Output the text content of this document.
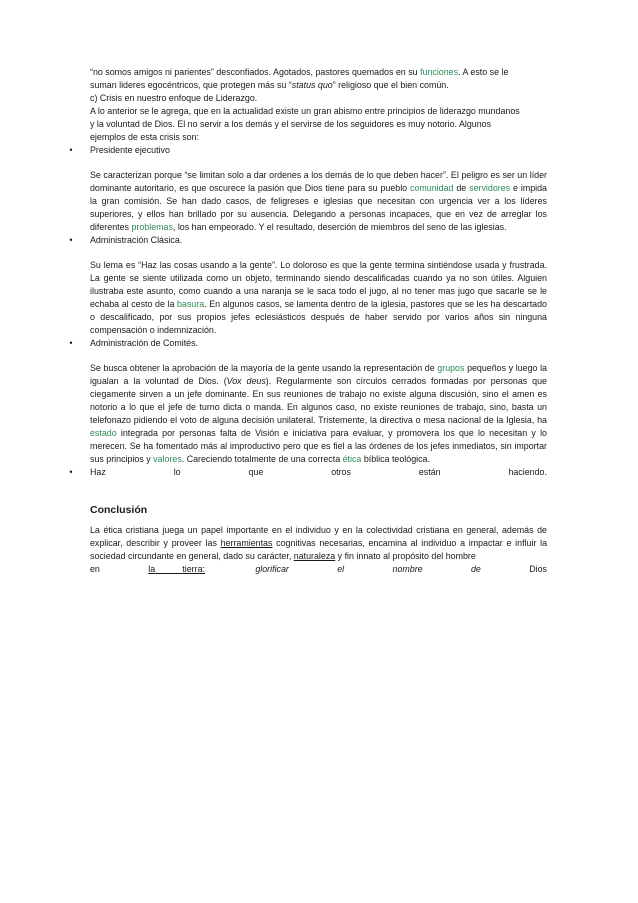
“no somos amigos ni parientes” desconfiados. Agotados, pastores quemados en su funciones. A esto se le

suman lideres egocéntricos, que protegen más su “status quo” religioso que el bien común.

c) Crisis en nuestro enfoque de Liderazgo.

A lo anterior se le agrega, que en la actualidad existe un gran abismo entre principios de liderazgo mundanos

y la voluntad de Dios. El no servir a los demás y el servirse de los seguidores es muy notorio. Algunos

ejemplos de esta crisis son:

•	Presidente ejecutivo

Se caracterizan porque “se limitan solo a dar ordenes a los demás de lo que deben hacer”. El peligro es ser un líder dominante autoritario, es que oscurece la pasión que Dios tiene para su pueblo comunidad de servidores e impida la gran comisión. Se han dado casos, de feligreses e iglesias que necesitan con urgencia ver a los líderes superiores, y ellos han brillado por su ausencia. Delegando a personas incapaces, que en vez de arreglar los diferentes problemas, los han empeorado. Y el resultado, deserción de miembros del seno de las iglesias.

•	Administración Clásica.

Su lema es “Haz las cosas usando a la gente”. Lo doloroso es que la gente termina sintiéndose usada y frustrada. La gente se siente utilizada como un objeto, terminando siendo descalificadas cuando ya no son útiles. Alguien ilustraba este asunto, como cuando a una naranja se le saca todo el jugo, al no tener mas jugo que sacarle se le echaba al cesto de la basura. En algunos casos, se lamenta dentro de la iglesia, pastores que se les ha descartado o descalificado, por sus propios jefes eclesiásticos después de haber servido por varios años sin ninguna compensación o indemnización.

•	Administración de Comités.

Se busca obtener la aprobación de la mayoría de la gente usando la representación de grupos pequeños y luego la igualan a la voluntad de Dios. (Vox deus). Regularmente son círculos cerrados formadas por personas que ciegamente sirven a un jefe dominante. En sus reuniones de trabajo no existe alguna discusión, sino el amen es notorio a lo que el jefe de turno dicta o manda. En algunos caso, no existe reuniones de trabajo, sino, basta un telefonazo pidiendo el voto de alguna decisión unilateral. Tristemente, la directiva o mesa nacional de la Iglesia, ha estado integrada por personas falta de Visión e iniciativa para evaluar, y promovera los que lo necesitan y lo merecen. Se ha fomentado más al improductivo pero que es fiel a las órdenes de los jefes inmediatos, sin importar sus principios y valores. Careciendo totalmente de una correcta ética bíblica teológica.

•	Haz	lo	que	otros	están	haciendo.
Conclusión

La ética cristiana juega un papel importante en el individuo y en la colectividad cristiana en general, además de explicar, describir y proveer las herramientas cognitivas necesarias, encamina al individuo a impactar e influir la sociedad circundante en general, dado su carácter, naturaleza y fin innato al propósito del hombre

en	la	tierra:	glorificar	el	nombre	de	Dios
